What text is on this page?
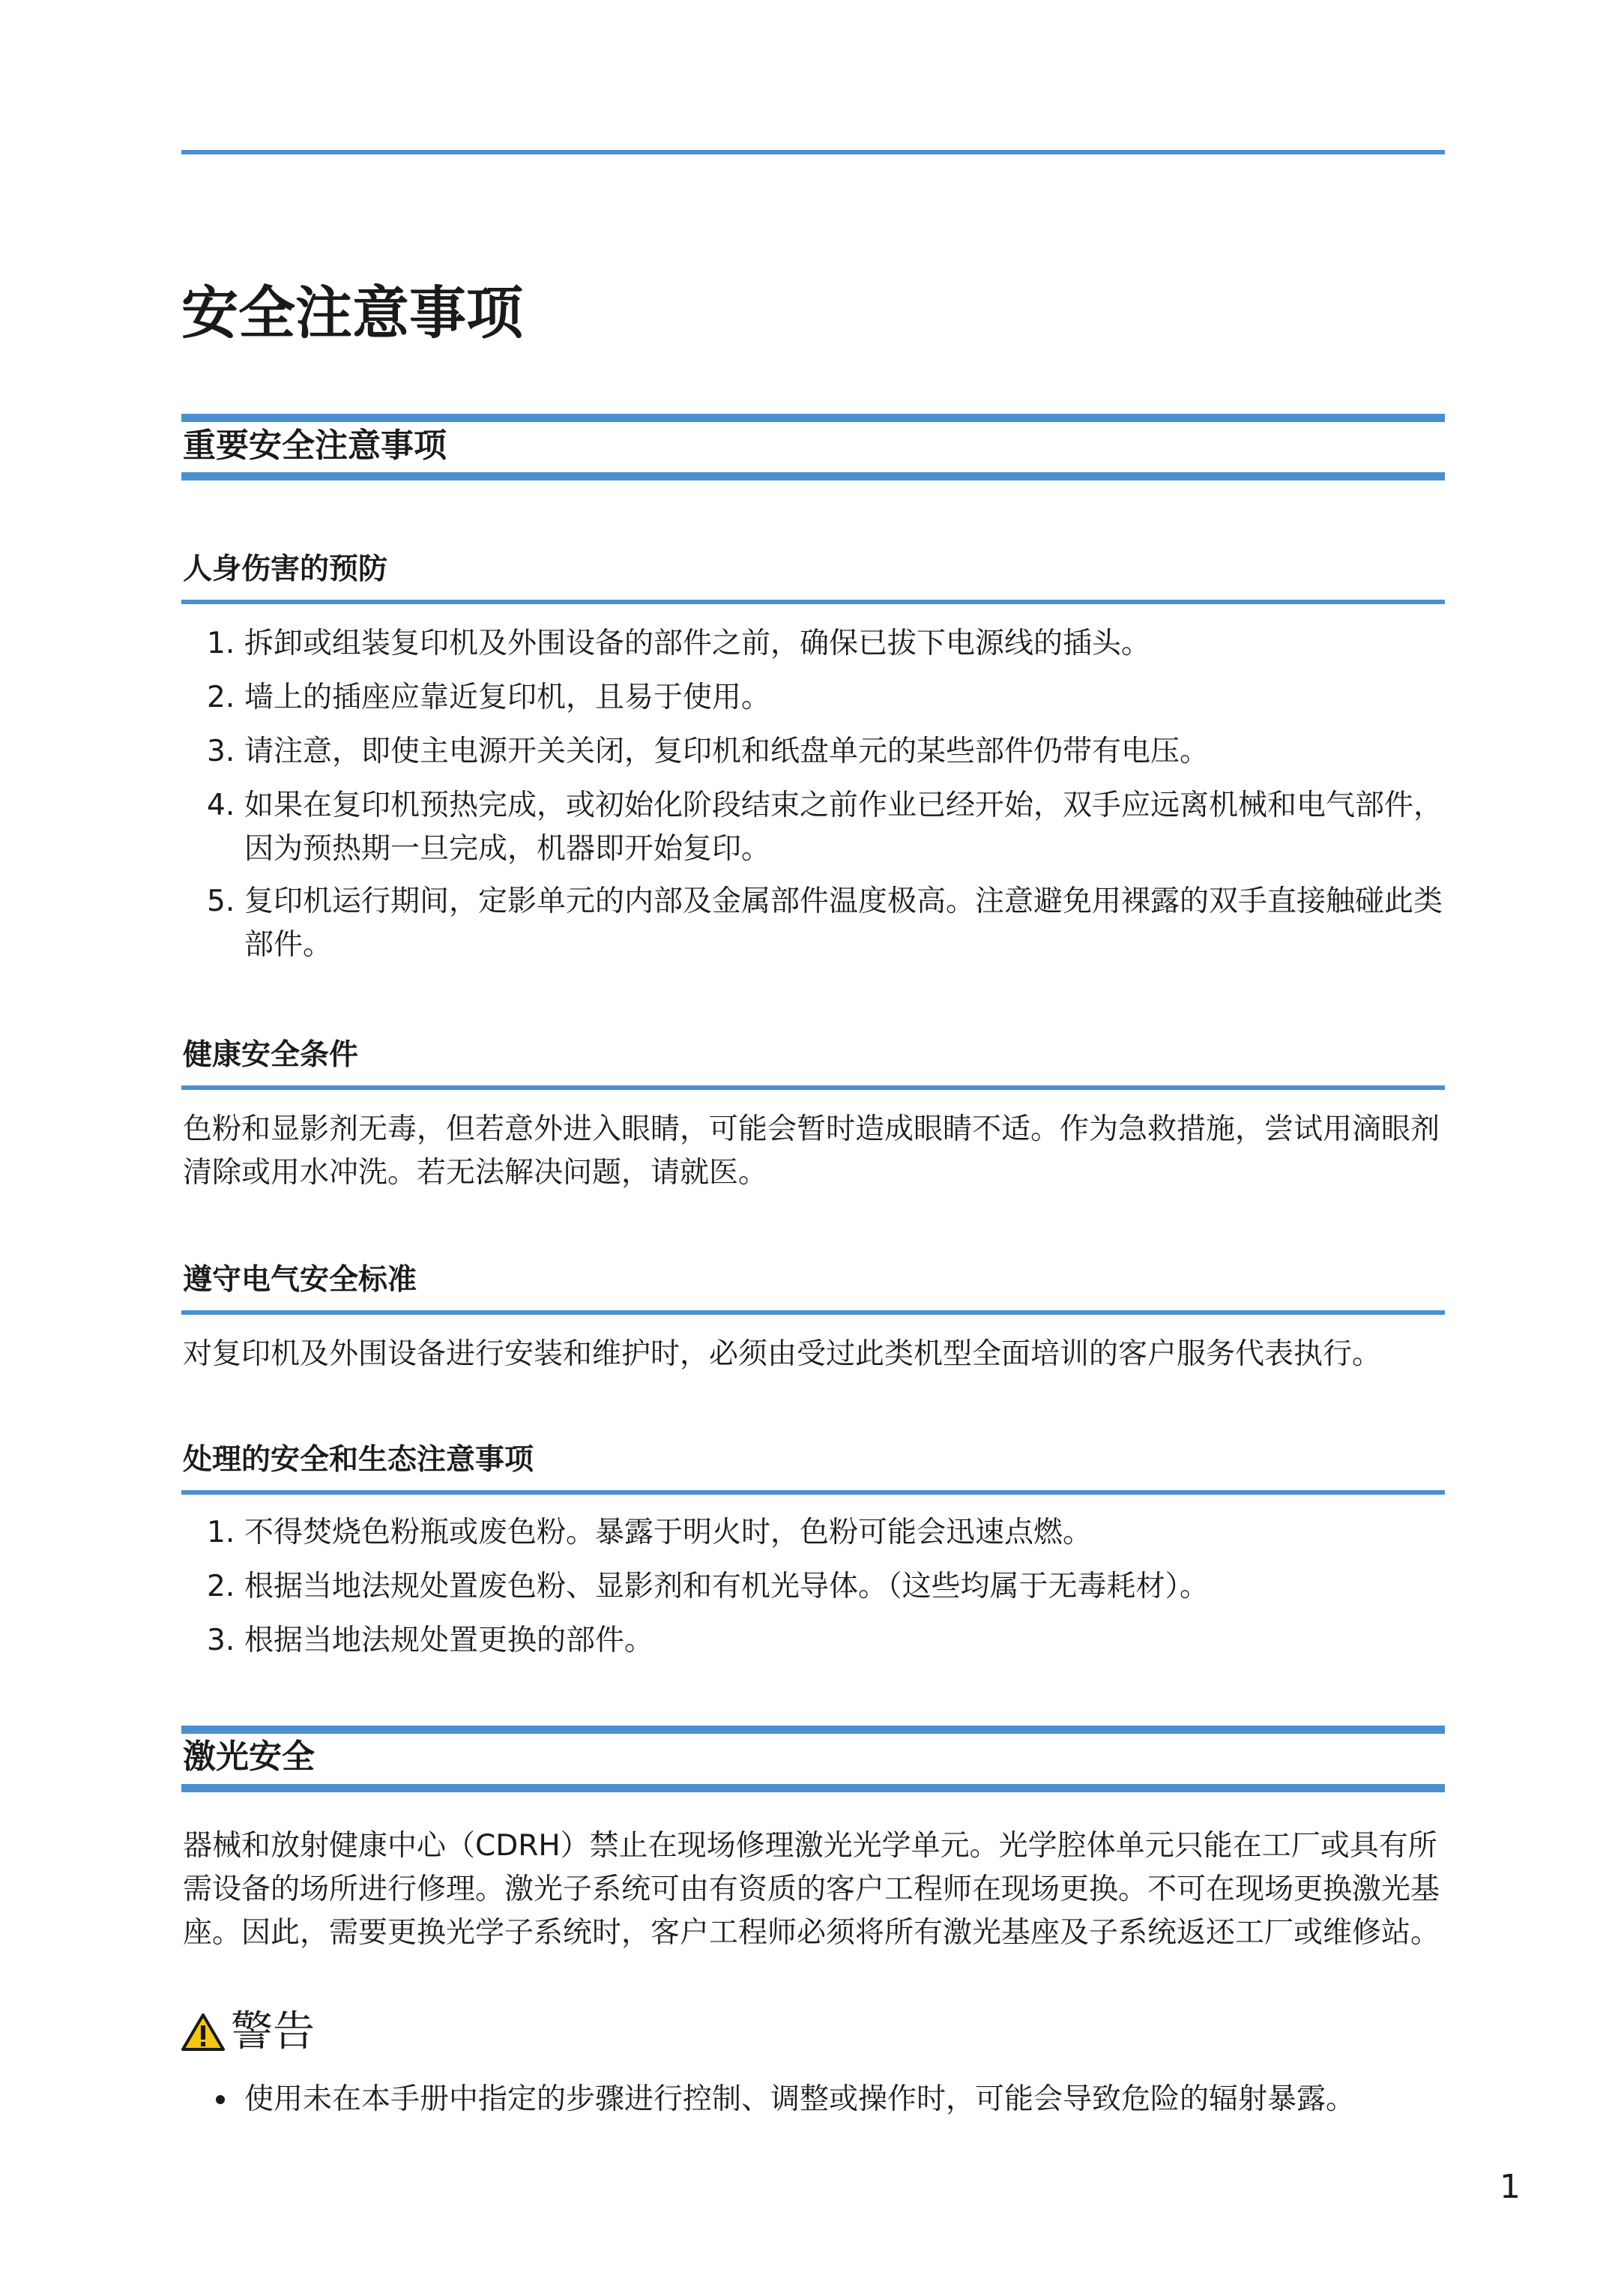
安全注意事项
重要安全注意事项
人身伤害的预防
1. 拆卸或组装复印机及外围设备的部件之前，确保已拔下电源线的插头。
2. 墙上的插座应靠近复印机，且易于使用。
3. 请注意，即使主电源开关关闭，复印机和纸盘单元的某些部件仍带有电压。
4. 如果在复印机预热完成，或初始化阶段结束之前作业已经开始，双手应远离机械和电气部件，因为预热期一旦完成，机器即开始复印。
5. 复印机运行期间，定影单元的内部及金属部件温度极高。注意避免用裸露的双手直接触碰此类部件。
健康安全条件
色粉和显影剂无毒，但若意外进入眼睛，可能会暂时造成眼睛不适。作为急救措施，尝试用滴眼剂清除或用水冲洗。若无法解决问题，请就医。
遵守电气安全标准
对复印机及外围设备进行安装和维护时，必须由受过此类机型全面培训的客户服务代表执行。
处理的安全和生态注意事项
1. 不得焚烧色粉瓶或废色粉。暴露于明火时，色粉可能会迅速点燃。
2. 根据当地法规处置废色粉、显影剂和有机光导体。（这些均属于无毒耗材）。
3. 根据当地法规处置更换的部件。
激光安全
器械和放射健康中心（CDRH）禁止在现场修理激光光学单元。光学腔体单元只能在工厂或具有所需设备的场所进行修理。激光子系统可由有资质的客户工程师在现场更换。不可在现场更换激光基座。因此，需要更换光学子系统时，客户工程师必须将所有激光基座及子系统返还工厂或维修站。
警告
使用未在本手册中指定的步骤进行控制、调整或操作时，可能会导致危险的辐射暴露。
1
